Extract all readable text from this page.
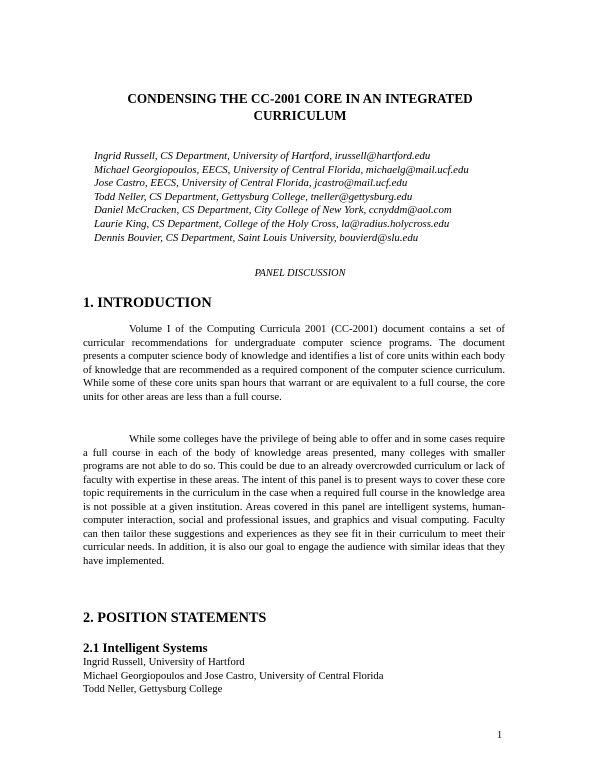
CONDENSING THE CC-2001 CORE IN AN INTEGRATED
CURRICULUM
Ingrid Russell, CS Department, University of Hartford, irussell@hartford.edu
Michael Georgiopoulos, EECS, University of Central Florida, michaelg@mail.ucf.edu
Jose Castro, EECS, University of Central Florida, jcastro@mail.ucf.edu
Todd Neller, CS Department, Gettysburg College, tneller@gettysburg.edu
Daniel McCracken, CS Department, City College of New York, ccnyddm@aol.com
Laurie King, CS Department, College of the Holy Cross, la@radius.holycross.edu
Dennis Bouvier, CS Department, Saint Louis University, bouvierd@slu.edu
PANEL DISCUSSION
1. INTRODUCTION
Volume I of the Computing Curricula 2001 (CC-2001) document contains a set of curricular recommendations for undergraduate computer science programs. The document presents a computer science body of knowledge and identifies a list of core units within each body of knowledge that are recommended as a required component of the computer science curriculum. While some of these core units span hours that warrant or are equivalent to a full course, the core units for other areas are less than a full course.
While some colleges have the privilege of being able to offer and in some cases require a full course in each of the body of knowledge areas presented, many colleges with smaller programs are not able to do so. This could be due to an already overcrowded curriculum or lack of faculty with expertise in these areas. The intent of this panel is to present ways to cover these core topic requirements in the curriculum in the case when a required full course in the knowledge area is not possible at a given institution. Areas covered in this panel are intelligent systems, human-computer interaction, social and professional issues, and graphics and visual computing. Faculty can then tailor these suggestions and experiences as they see fit in their curriculum to meet their curricular needs. In addition, it is also our goal to engage the audience with similar ideas that they have implemented.
2. POSITION STATEMENTS
2.1 Intelligent Systems
Ingrid Russell, University of Hartford
Michael Georgiopoulos and Jose Castro, University of Central Florida
Todd Neller, Gettysburg College
1
